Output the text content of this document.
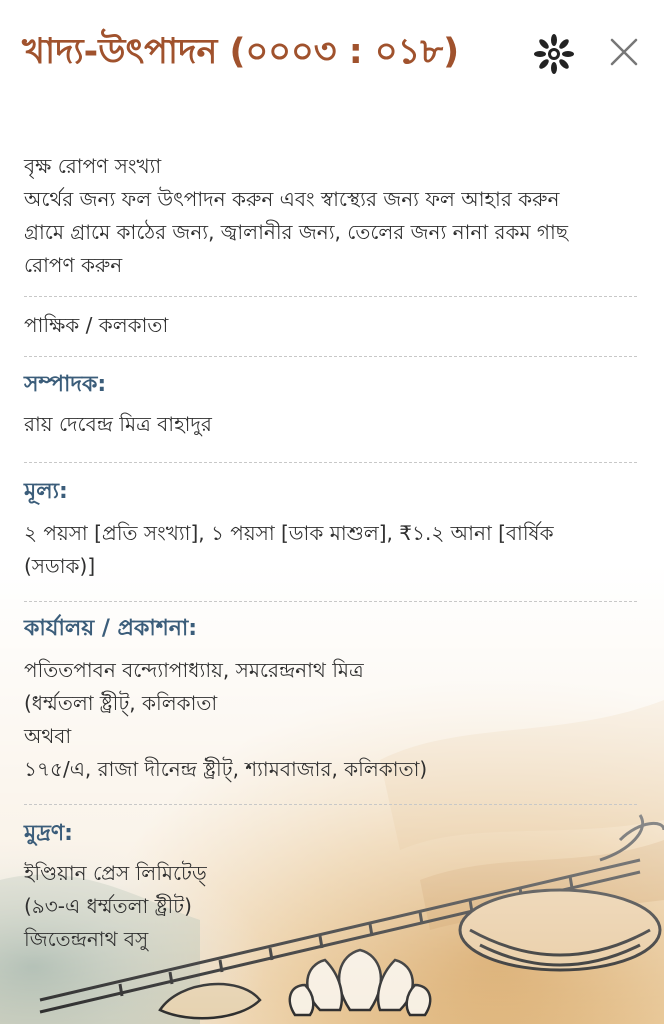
খাদ্য-উৎপাদন (০০০৩ : ০১৮)

বৃক্ষ রোপণ সংখ্যা

অর্থের জন্য ফল উৎপাদন করুন এবং স্বাস্থ্যের জন্য ফল আহার করুন

গ্রামে গ্রামে কাঠের জন্য, জ্বালানীর জন্য, তেলের জন্য নানা রকম গাছ

রোপণ করুন

পাক্ষিক / কলকাতা

সম্পাদক:

রায় দেবেন্দ্র মিত্র বাহাদুর

মূল্য:

২ পয়সা [প্রতি সংখ্যা], ১ পয়সা [ডাক মাশুল], ₹১.২ আনা [বার্ষিক

(সডাক)]

কার্যালয় / প্রকাশনা:

পতিতপাবন বন্দ্যোপাধ্যায়, সমরেন্দ্রনাথ মিত্র

(ধর্ম্মতলা ষ্ট্রীট্, কলিকাতা

অথবা

১৭৫/এ, রাজা দীনেন্দ্র ষ্ট্রীট্, শ্যামবাজার, কলিকাতা)

মুদ্রণ:

ইণ্ডিয়ান প্রেস লিমিটেড্

(৯৩-এ ধর্ম্মতলা ষ্ট্রীট)

জিতেন্দ্রনাথ বসু
